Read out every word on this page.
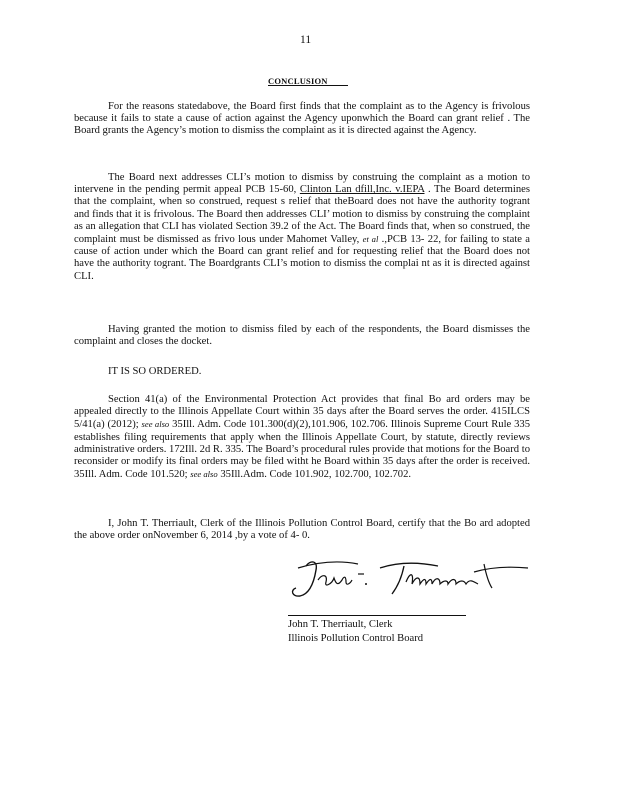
11
CONCLUSION

For the reasons statedabove, the Board first finds that the complaint as to the Agency is frivolous because it fails to state a cause of action against the Agency uponwhich the Board can grant relief . The Board grants the Agency’s motion to dismiss the complaint as it is directed against the Agency.

The Board next addresses CLI’s motion to dismiss by construing the complaint as a motion to intervene in the pending permit appeal PCB 15-60, Clinton Lan dfill,Inc. v.IEPA . The Board determines that the complaint, when so construed, request s relief that theBoard does not have the authority togrant and finds that it is frivolous. The Board then addresses CLI’ motion to dismiss by construing the complaint as an allegation that CLI has violated Section 39.2 of the Act. The Board finds that, when so construed, the complaint must be dismissed as frivo lous under Mahomet Valley, et al .,PCB 13- 22, for failing to state a cause of action under which the Board can grant relief and for requesting relief that the Board does not have the authority togrant. The Boardgrants CLI’s motion to dismiss the complai nt as it is directed against CLI.

Having granted the motion to dismiss filed by each of the respondents, the Board dismisses the complaint and closes the docket.

IT IS SO ORDERED.

Section 41(a) of the Environmental Protection Act provides that final Bo ard orders may be appealed directly to the Illinois Appellate Court within 35 days after the Board serves the order. 415ILCS 5/41(a) (2012); see also 35Ill. Adm. Code 101.300(d)(2),101.906, 102.706. Illinois Supreme Court Rule 335 establishes filing requirements that apply when the Illinois Appellate Court, by statute, directly reviews administrative orders. 172Ill. 2d R. 335. The Board’s procedural rules provide that motions for the Board to reconsider or modify its final orders may be filed witht he Board within 35 days after the order is received. 35Ill. Adm. Code 101.520; see also 35Ill.Adm. Code 101.902, 102.700, 102.702.

I, John T. Therriault, Clerk of the Illinois Pollution Control Board, certify that the Bo ard adopted the above order onNovember 6, 2014 ,by a vote of 4- 0.

John T. Therriault, Clerk
Illinois Pollution Control Board
